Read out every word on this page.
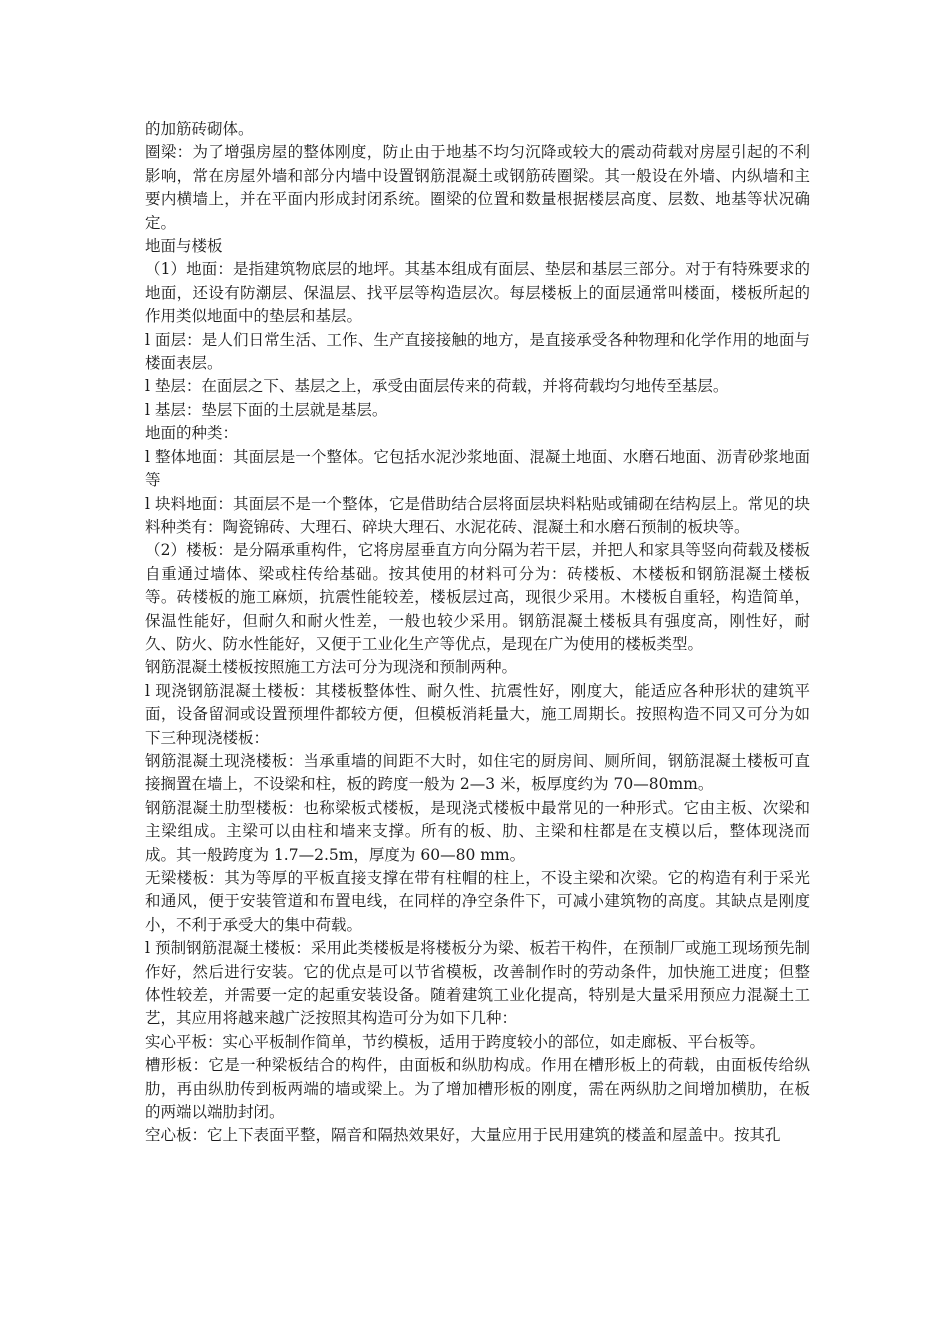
的加筋砖砌体。

圈梁：为了增强房屋的整体刚度，防止由于地基不均匀沉降或较大的震动荷载对房屋引起的不利影响，常在房屋外墙和部分内墙中设置钢筋混凝土或钢筋砖圈梁。其一般设在外墙、内纵墙和主要内横墙上，并在平面内形成封闭系统。圈梁的位置和数量根据楼层高度、层数、地基等状况确定。

地面与楼板

（1）地面：是指建筑物底层的地坪。其基本组成有面层、垫层和基层三部分。对于有特殊要求的地面，还设有防潮层、保温层、找平层等构造层次。每层楼板上的面层通常叫楼面，楼板所起的作用类似地面中的垫层和基层。

l 面层：是人们日常生活、工作、生产直接接触的地方，是直接承受各种物理和化学作用的地面与楼面表层。

l 垫层：在面层之下、基层之上，承受由面层传来的荷载，并将荷载均匀地传至基层。

l 基层：垫层下面的土层就是基层。

地面的种类：

l 整体地面：其面层是一个整体。它包括水泥沙浆地面、混凝土地面、水磨石地面、沥青砂浆地面等

l 块料地面：其面层不是一个整体，它是借助结合层将面层块料粘贴或铺砌在结构层上。常见的块料种类有：陶瓷锦砖、大理石、碎块大理石、水泥花砖、混凝土和水磨石预制的板块等。

（2）楼板：是分隔承重构件，它将房屋垂直方向分隔为若干层，并把人和家具等竖向荷载及楼板自重通过墙体、梁或柱传给基础。按其使用的材料可分为：砖楼板、木楼板和钢筋混凝土楼板等。砖楼板的施工麻烦，抗震性能较差，楼板层过高，现很少采用。木楼板自重轻，构造简单，保温性能好，但耐久和耐火性差，一般也较少采用。钢筋混凝土楼板具有强度高，刚性好，耐久、防火、防水性能好，又便于工业化生产等优点，是现在广为使用的楼板类型。

钢筋混凝土楼板按照施工方法可分为现浇和预制两种。

l 现浇钢筋混凝土楼板：其楼板整体性、耐久性、抗震性好，刚度大，能适应各种形状的建筑平面，设备留洞或设置预埋件都较方便，但模板消耗量大，施工周期长。按照构造不同又可分为如下三种现浇楼板：

钢筋混凝土现浇楼板：当承重墙的间距不大时，如住宅的厨房间、厕所间，钢筋混凝土楼板可直接搁置在墙上，不设梁和柱，板的跨度一般为 2—3 米，板厚度约为 70—80mm。

钢筋混凝土肋型楼板：也称梁板式楼板，是现浇式楼板中最常见的一种形式。它由主板、次梁和主梁组成。主梁可以由柱和墙来支撑。所有的板、肋、主梁和柱都是在支模以后，整体现浇而成。其一般跨度为 1.7—2.5m，厚度为 60—80 mm。

无梁楼板：其为等厚的平板直接支撑在带有柱帽的柱上，不设主梁和次梁。它的构造有利于采光和通风，便于安装管道和布置电线，在同样的净空条件下，可减小建筑物的高度。其缺点是刚度小，不利于承受大的集中荷载。

l 预制钢筋混凝土楼板：采用此类楼板是将楼板分为梁、板若干构件，在预制厂或施工现场预先制作好，然后进行安装。它的优点是可以节省模板，改善制作时的劳动条件，加快施工进度；但整体性较差，并需要一定的起重安装设备。随着建筑工业化提高，特别是大量采用预应力混凝土工艺，其应用将越来越广泛按照其构造可分为如下几种：

实心平板：实心平板制作简单，节约模板，适用于跨度较小的部位，如走廊板、平台板等。

槽形板：它是一种梁板结合的构件，由面板和纵肋构成。作用在槽形板上的荷载，由面板传给纵肋，再由纵肋传到板两端的墙或梁上。为了增加槽形板的刚度，需在两纵肋之间增加横肋，在板的两端以端肋封闭。

空心板：它上下表面平整，隔音和隔热效果好，大量应用于民用建筑的楼盖和屋盖中。按其孔
